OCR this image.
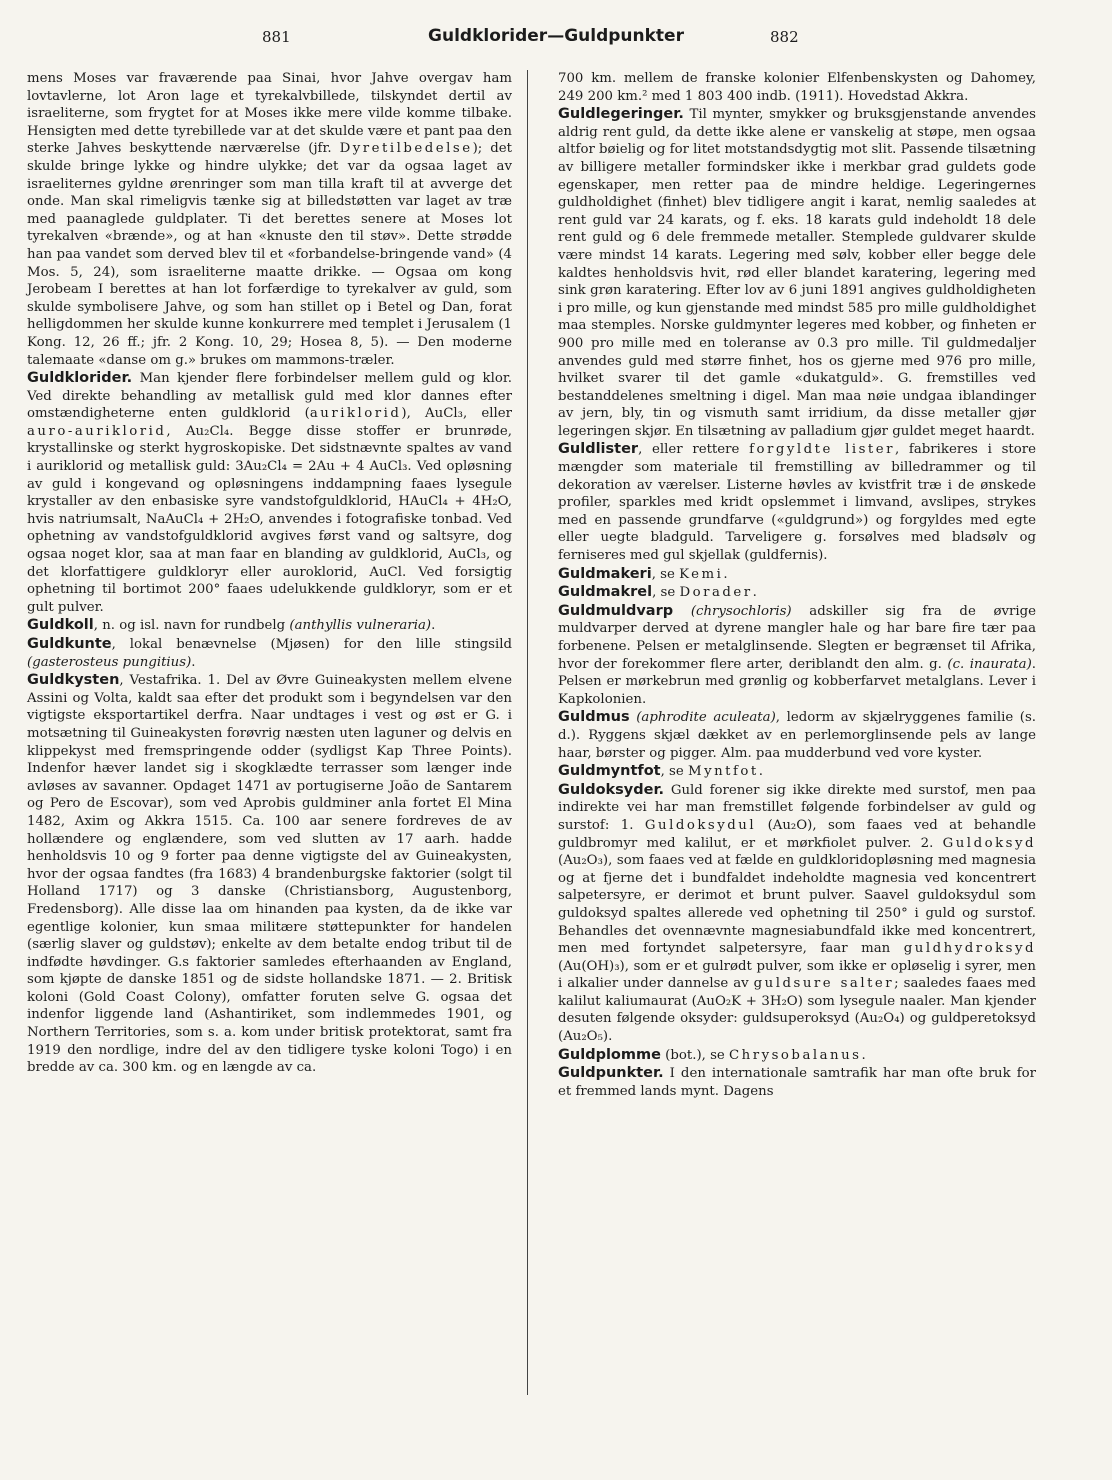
881	Guldklorider—Guldpunkter	882

mens Moses var fraværende paa Sinai, hvor Jahve overgav ham lovtavlerne, lot Aron lage et tyrekalvbillede, tilskyndet dertil av israeliterne, som frygtet for at Moses ikke mere vilde komme tilbake. Hensigten med dette tyrebillede var at det skulde være et pant paa den sterke Jahves beskyttende nærværelse (jfr. Dyretilbedelse); det skulde bringe lykke og hindre ulykke; det var da ogsaa laget av israeliternes gyldne ørenringer som man tilla kraft til at avverge det onde. Man skal rimeligvis tænke sig at billedstøtten var laget av træ med paanaglede guldplater. Ti det berettes senere at Moses lot tyrekalven «brænde», og at han «knuste den til støv». Dette strødde han paa vandet som derved blev til et «forbandelse-bringende vand» (4 Mos. 5, 24), som israeliterne maatte drikke. — Ogsaa om kong Jerobeam I berettes at han lot forfærdige to tyrekalver av guld, som skulde symbolisere Jahve, og som han stillet op i Betel og Dan, forat helligdommen her skulde kunne konkurrere med templet i Jerusalem (1 Kong. 12, 26 ff.; jfr. 2 Kong. 10, 29; Hosea 8, 5). — Den moderne talemaate «danse om g.» brukes om mammons-træler.

Guldklorider. Man kjender flere forbindelser mellem guld og klor. Ved direkte behandling av metallisk guld med klor dannes efter omstændigheterne enten guldklorid (auriklorid), AuCl₃, eller auro-auriklorid, Au₂Cl₄. Begge disse stoffer er brunrøde, krystallinske og sterkt hygroskopiske. Det sidstnævnte spaltes av vand i auriklorid og metallisk guld: 3Au₂Cl₄ = 2Au + 4 AuCl₃. Ved opløsning av guld i kongevand og opløsningens inddampning faaes lysegule krystaller av den enbasiske syre vandstofguldklorid, HAuCl₄ + 4H₂O, hvis natriumsalt, NaAuCl₄ + 2H₂O, anvendes i fotografiske tonbad. Ved ophetning av vandstofguldklorid avgives først vand og saltsyre, dog ogsaa noget klor, saa at man faar en blanding av guldklorid, AuCl₃, og det klorfattigere guldkloryr eller auroklorid, AuCl. Ved forsigtig ophetning til bortimot 200° faaes udelukkende guldkloryr, som er et gult pulver.

Guldkoll, n. og isl. navn for rundbelg (anthyllis vulneraria).

Guldkunte, lokal benævnelse (Mjøsen) for den lille stingsild (gasterosteus pungitius).

Guldkysten, Vestafrika. 1. Del av Øvre Guineakysten mellem elvene Assini og Volta, kaldt saa efter det produkt som i begyndelsen var den vigtigste eksportartikel derfra. Naar undtages i vest og øst er G. i motsætning til Guineakysten forøvrig næsten uten laguner og delvis en klippekyst med fremspringende odder (sydligst Kap Three Points). Indenfor hæver landet sig i skogklædte terrasser som længer inde avløses av savanner. Opdaget 1471 av portugiserne João de Santarem og Pero de Escovar), som ved Aprobis guldminer anla fortet El Mina 1482, Axim og Akkra 1515. Ca. 100 aar senere fordreves de av hollændere og englændere, som ved slutten av 17 aarh. hadde henholdsvis 10 og 9 forter paa denne vigtigste del av Guineakysten, hvor der ogsaa fandtes (fra 1683) 4 brandenburgske faktorier (solgt til Holland 1717) og 3 danske (Christiansborg, Augustenborg, Fredensborg). Alle disse laa om hinanden paa kysten, da de ikke var egentlige kolonier, kun smaa militære støttepunkter for handelen (særlig slaver og guldstøv); enkelte av dem betalte endog tribut til de indfødte høvdinger. G.s faktorier samledes efterhaanden av England, som kjøpte de danske 1851 og de sidste hollandske 1871. — 2. Britisk koloni (Gold Coast Colony), omfatter foruten selve G. ogsaa det indenfor liggende land (Ashantiriket, som indlemmedes 1901, og Northern Territories, som s. a. kom under britisk protektorat, samt fra 1919 den nordlige, indre del av den tidligere tyske koloni Togo) i en bredde av ca. 300 km. og en længde av ca.

700 km. mellem de franske kolonier Elfenbenskysten og Dahomey, 249 200 km.² med 1 803 400 indb. (1911). Hovedstad Akkra.

Guldlegeringer. Til mynter, smykker og bruksgjenstande anvendes aldrig rent guld, da dette ikke alene er vanskelig at støpe, men ogsaa altfor bøielig og for litet motstandsdygtig mot slit. Passende tilsætning av billigere metaller formindsker ikke i merkbar grad guldets gode egenskaper, men retter paa de mindre heldige. Legeringernes guldholdighet (finhet) blev tidligere angit i karat, nemlig saaledes at rent guld var 24 karats, og f. eks. 18 karats guld indeholdt 18 dele rent guld og 6 dele fremmede metaller. Stemplede guldvarer skulde være mindst 14 karats. Legering med sølv, kobber eller begge dele kaldtes henholdsvis hvit, rød eller blandet karatering, legering med sink grøn karatering. Efter lov av 6 juni 1891 angives guldholdigheten i pro mille, og kun gjenstande med mindst 585 pro mille guldholdighet maa stemples. Norske guldmynter legeres med kobber, og finheten er 900 pro mille med en toleranse av 0.3 pro mille. Til guldmedaljer anvendes guld med større finhet, hos os gjerne med 976 pro mille, hvilket svarer til det gamle «dukatguld». G. fremstilles ved bestanddelenes smeltning i digel. Man maa nøie undgaa iblandinger av jern, bly, tin og vismuth samt irridium, da disse metaller gjør legeringen skjør. En tilsætning av palladium gjør guldet meget haardt.

Guldlister, eller rettere forgyldte lister, fabrikeres i store mængder som materiale til fremstilling av billedrammer og til dekoration av værelser. Listerne høvles av kvistfrit træ i de ønskede profiler, sparkles med kridt opslemmet i limvand, avslipes, strykes med en passende grundfarve («guldgrund») og forgyldes med egte eller uegte bladguld. Tarveligere g. forsølves med bladsølv og ferniseres med gul skjellak (guldfernis).

Guldmakeri, se Kemi.

Guldmakrel, se Dorader.

Guldmuldvarp (chrysochloris) adskiller sig fra de øvrige muldvarper derved at dyrene mangler hale og har bare fire tær paa forbenene. Pelsen er metalglinsende. Slegten er begrænset til Afrika, hvor der forekommer flere arter, deriblandt den alm. g. (c. inaurata). Pelsen er mørkebrun med grønlig og kobberfarvet metalglans. Lever i Kapkolonien.

Guldmus (aphrodite aculeata), ledorm av skjælryggenes familie (s. d.). Ryggens skjæl dækket av en perlemorglinsende pels av lange haar, børster og pigger. Alm. paa mudderbund ved vore kyster.

Guldmyntfot, se Myntfot.

Guldoksyder. Guld forener sig ikke direkte med surstof, men paa indirekte vei har man fremstillet følgende forbindelser av guld og surstof: 1. Guldoksydul (Au₂O), som faaes ved at behandle guldbromyr med kalilut, er et mørkfiolet pulver. 2. Guldoksyd (Au₂O₃), som faaes ved at fælde en guldkloridopløsning med magnesia og at fjerne det i bundfaldet indeholdte magnesia ved koncentrert salpetersyre, er derimot et brunt pulver. Saavel guldoksydul som guldoksyd spaltes allerede ved ophetning til 250° i guld og surstof. Behandles det ovennævnte magnesiabundfald ikke med koncentrert, men med fortyndet salpetersyre, faar man guldhydroksyd (Au(OH)₃), som er et gulrødt pulver, som ikke er opløselig i syrer, men i alkalier under dannelse av guldsure salter; saaledes faaes med kalilut kaliumaurat (AuO₂K + 3H₂O) som lysegule naaler. Man kjender desuten følgende oksyder: guldsuperoksyd (Au₂O₄) og guldperetoksyd (Au₂O₅).

Guldplomme (bot.), se Chrysobalanus.

Guldpunkter. I den internationale samtrafik har man ofte bruk for et fremmed lands mynt. Dagens
